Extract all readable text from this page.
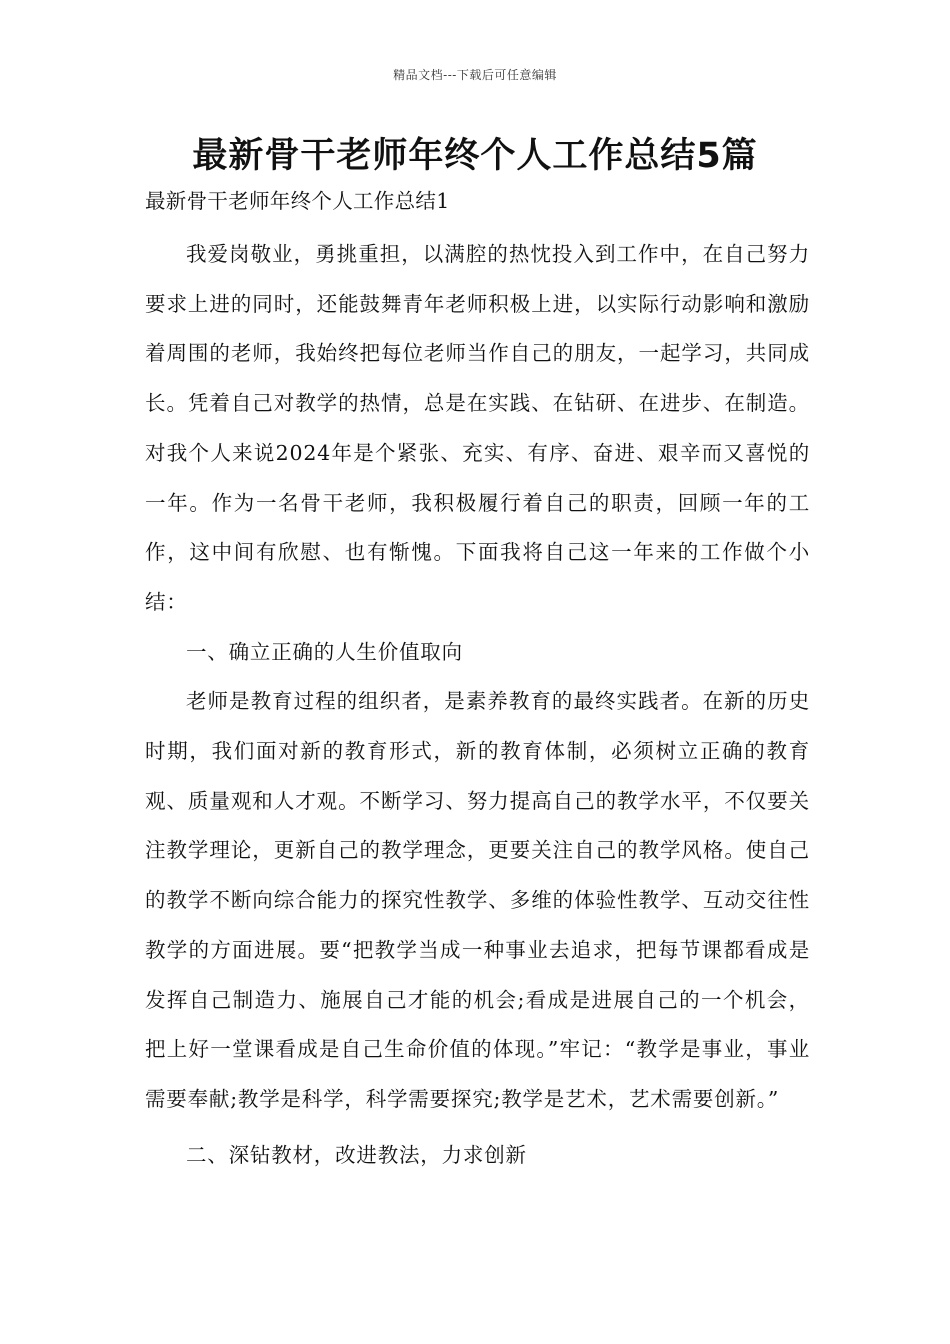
精品文档---下载后可任意编辑
最新骨干老师年终个人工作总结5篇

最新骨干老师年终个人工作总结1

我爱岗敬业，勇挑重担，以满腔的热忱投入到工作中，在自己努力要求上进的同时，还能鼓舞青年老师积极上进，以实际行动影响和激励着周围的老师，我始终把每位老师当作自己的朋友，一起学习，共同成长。凭着自己对教学的热情，总是在实践、在钻研、在进步、在制造。对我个人来说2024年是个紧张、充实、有序、奋进、艰辛而又喜悦的一年。作为一名骨干老师，我积极履行着自己的职责，回顾一年的工作，这中间有欣慰、也有惭愧。下面我将自己这一年来的工作做个小结：

一、确立正确的人生价值取向

老师是教育过程的组织者，是素养教育的最终实践者。在新的历史时期，我们面对新的教育形式，新的教育体制，必须树立正确的教育观、质量观和人才观。不断学习、努力提高自己的教学水平，不仅要关注教学理论，更新自己的教学理念，更要关注自己的教学风格。使自己的教学不断向综合能力的探究性教学、多维的体验性教学、互动交往性教学的方面进展。要“把教学当成一种事业去追求，把每节课都看成是发挥自己制造力、施展自己才能的机会;看成是进展自己的一个机会，把上好一堂课看成是自己生命价值的体现。”牢记：“教学是事业，事业需要奉献;教学是科学，科学需要探究;教学是艺术，艺术需要创新。”

二、深钻教材，改进教法，力求创新
